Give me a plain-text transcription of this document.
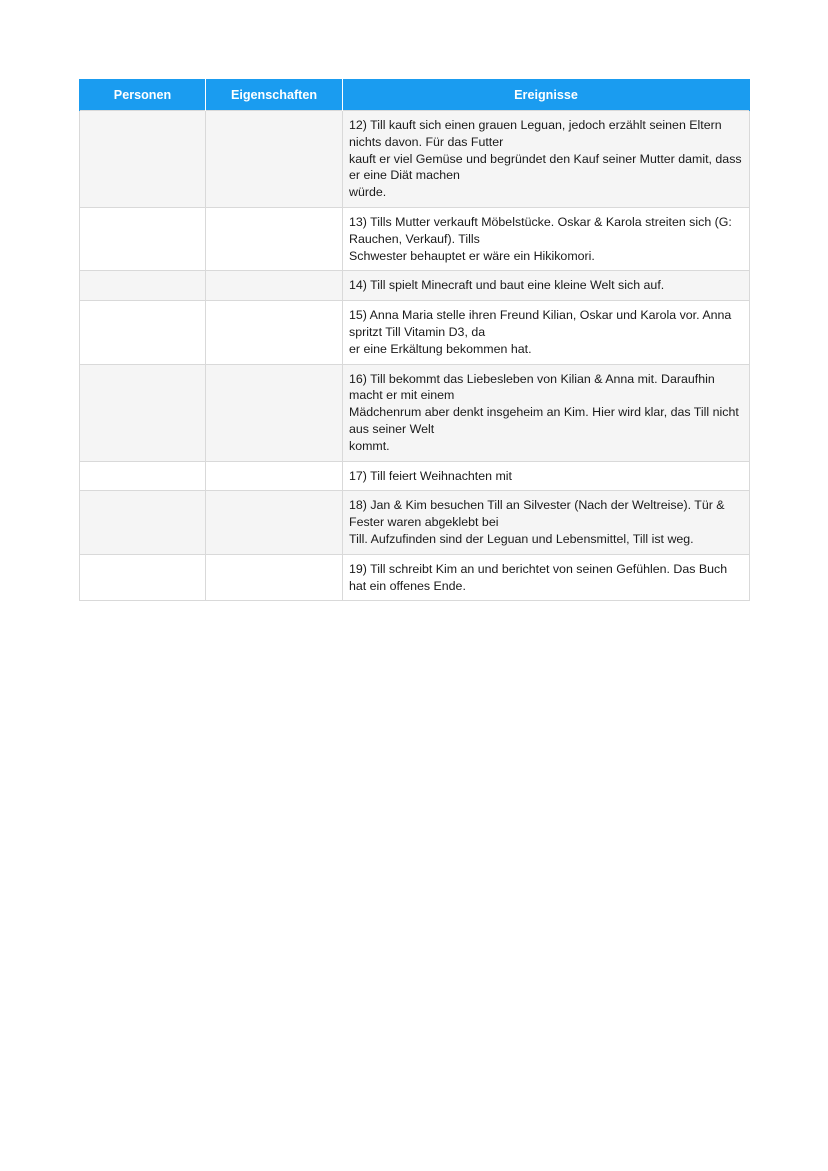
Personen	Eigenschaften	Ereignisse
		12) Till kauft sich einen grauen Leguan, jedoch erzählt seinen Eltern nichts davon. Für das Futter
kauft er viel Gemüse und begründet den Kauf seiner Mutter damit, dass er eine Diät machen
würde.
		13) Tills Mutter verkauft Möbelstücke. Oskar & Karola streiten sich (G: Rauchen, Verkauf). Tills
Schwester behauptet er wäre ein Hikikomori.
		14) Till spielt Minecraft und baut eine kleine Welt sich auf.
		15) Anna Maria stelle ihren Freund Kilian, Oskar und Karola vor. Anna spritzt Till Vitamin D3, da
er eine Erkältung bekommen hat.
		16) Till bekommt das Liebesleben von Kilian & Anna mit. Daraufhin macht er mit einem
Mädchenrum aber denkt insgeheim an Kim. Hier wird klar, das Till nicht aus seiner Welt
kommt.
		17) Till feiert Weihnachten mit
		18) Jan & Kim besuchen Till an Silvester (Nach der Weltreise). Tür & Fester waren abgeklebt bei
Till. Aufzufinden sind der Leguan und Lebensmittel, Till ist weg.
		19) Till schreibt Kim an und berichtet von seinen Gefühlen. Das Buch hat ein offenes Ende.
